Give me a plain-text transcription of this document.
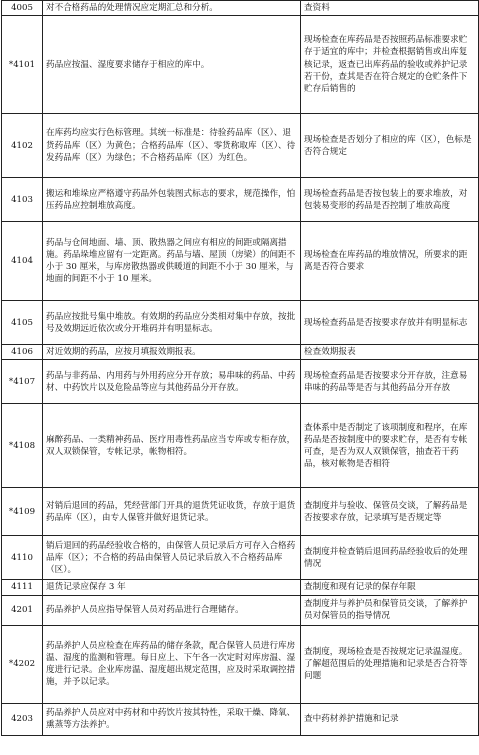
4005	对不合格药品的处理情况应定期汇总和分析。	查资料
*4101	药品应按温、湿度要求储存于相应的库中。	现场检查在库药品是否按照药品标准要求贮存于适宜的库中；并检查根据销售或出库复核记录，返查已出库药品的验收或养护记录若干份，查其是否在符合规定的仓贮条件下贮存后销售的
4102	在库药均应实行色标管理。其统一标准是：待验药品库（区）、退货药品库（区）为黄色；合格药品库（区）、零货称取库（区）、待发药品库（区）为绿色；不合格药品库（区）为红色。	现场检查是否划分了相应的库（区），色标是否符合规定
4103	搬运和堆垛应严格遵守药品外包装图式标志的要求，规范操作，怕压药品应控制堆放高度。	现场检查药品是否按包装上的要求堆放，对包装易变形的药品是否控制了堆放高度
4104	药品与仓间地面、墙、顶、散热器之间应有相应的间距或隔离措施。药品垛堆应留有一定距离。药品与墙、屋顶（房梁）的间距不小于 30 厘米，与库房散热器或供暖道的间距不小于 30 厘米，与地面的间距不小于 10 厘米。	现场检查在库药品的堆放情况，所要求的距离是否符合要求
4105	药品应按批号集中堆放。有效期的药品应分类相对集中存放，按批号及效期远近依次或分开堆码并有明显标志。	现场检查药品是否按要求存放并有明显标志
4106	对近效期的药品，应按月填报效期报表。	检查效期报表
*4107	药品与非药品、内用药与外用药应分开存放；易串味的药品、中药材、中药饮片以及危险品等应与其他药品分开存放。	现场检查药品是否按要求分开存放，注意易串味的药品等是否与其他药品分开存放
*4108	麻醉药品、一类精神药品、医疗用毒性药品应当专库或专柜存放，双人双锁保管，专帐记录，帐物相符。	查体系中是否制定了该项制度和程序，在库药品是否按制度中的要求贮存，是否有专帐可查，是否为双人双锁保管，抽查若干药品，核对帐物是否相符
*4109	对销后退回的药品，凭经营部门开具的退货凭证收货，存放于退货药品库（区），由专人保管并做好退货记录。	查制度并与验收、保管员交谈，了解药品是否按要求存放，记录填写是否规定等
4110	销后退回的药品经验收合格的，由保管人员记录后方可存入合格药品库（区）；不合格的药品由保管人员记录后放入不合格药品库（区）。	查制度并检查销后退回药品经验收后的处理情况
4111	退货记录应保存 3 年	查制度和现有记录的保存年限
4201	药品养护人员应指导保管人员对药品进行合理储存。	查制度并与养护员和保管员交谈，了解养护员对保管员的指导情况
*4202	药品养护人员应检查在库药品的储存条款，配合保管人员进行库房温、湿度的监测和管理。每日应上、下午各一次定时对库房温、湿度进行记录。企业库房温、湿度超出规定范围，应及时采取调控措施，并予以记录。	查制度，现场检查是否按规定记录温湿度。了解超范围后的处理措施和记录是否合符等问题
4203	药品养护人员应对中药材和中药饮片按其特性，采取干燥、降氧、熏蒸等方法养护。	查中药材养护措施和记录
